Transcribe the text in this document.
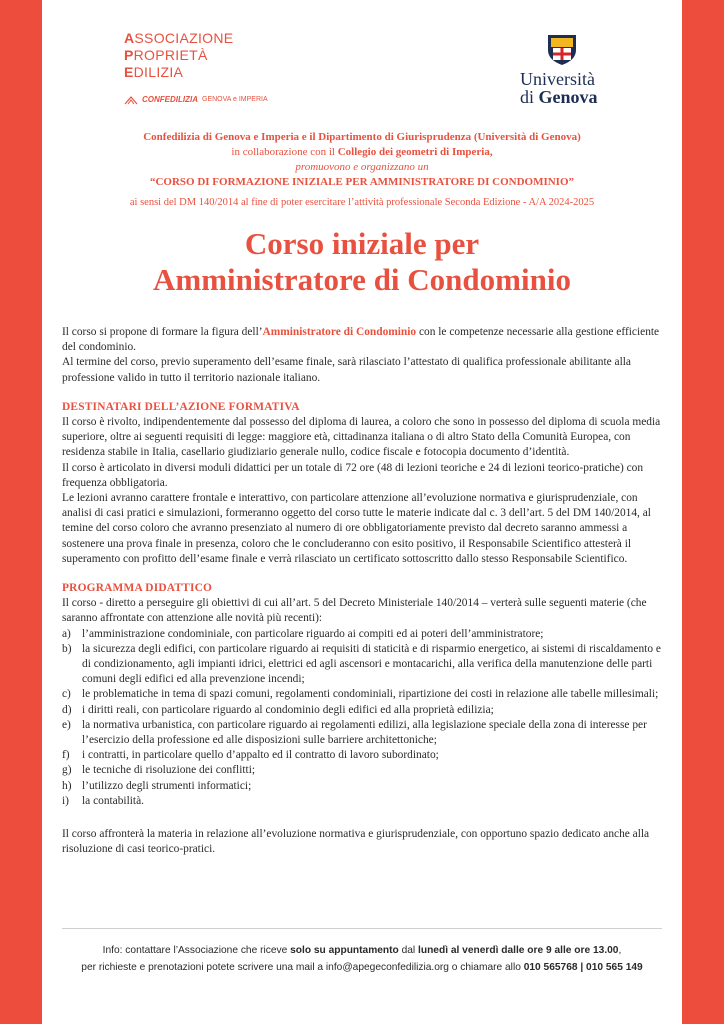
ASSOCIAZIONE
PROPRIETÀ
EDILIZIA
CONFEDILIZIA GENOVA e IMPERIA
Università
di Genova
Confedilizia di Genova e Imperia e il Dipartimento di Giurisprudenza (Università di Genova)
in collaborazione con il Collegio dei geometri di Imperia,
promuovono e organizzano un
“CORSO DI FORMAZIONE INIZIALE PER AMMINISTRATORE DI CONDOMINIO”
ai sensi del DM 140/2014 al fine di poter esercitare l’attività professionale Seconda Edizione - A/A 2024-2025
Corso iniziale per
Amministratore di Condominio

Il corso si propone di formare la figura dell’Amministratore di Condominio con le competenze necessarie alla gestione efficiente del condominio.

Al termine del corso, previo superamento dell’esame finale, sarà rilasciato l’attestato di qualifica professionale abilitante alla professione valido in tutto il territorio nazionale italiano.

DESTINATARI DELL’AZIONE FORMATIVA

Il corso è rivolto, indipendentemente dal possesso del diploma di laurea, a coloro che sono in possesso del diploma di scuola media superiore, oltre ai seguenti requisiti di legge: maggiore età, cittadinanza italiana o di altro Stato della Comunità Europea, con residenza stabile in Italia, casellario giudiziario generale nullo, codice fiscale e fotocopia documento d’identità.

Il corso è articolato in diversi moduli didattici per un totale di 72 ore (48 di lezioni teoriche e 24 di lezioni teorico-pratiche) con frequenza obbligatoria.

Le lezioni avranno carattere frontale e interattivo, con particolare attenzione all’evoluzione normativa e giurisprudenziale, con analisi di casi pratici e simulazioni, formeranno oggetto del corso tutte le materie indicate dal c. 3 dell’art. 5 del DM 140/2014, al temine del corso coloro che avranno presenziato al numero di ore obbligatoriamente previsto dal decreto saranno ammessi a sostenere una prova finale in presenza, coloro che le concluderanno con esito positivo, il Responsabile Scientifico attesterà il superamento con profitto dell’esame finale e verrà rilasciato un certificato sottoscritto dallo stesso Responsabile Scientifico.

PROGRAMMA DIDATTICO

Il corso - diretto a perseguire gli obiettivi di cui all’art. 5 del Decreto Ministeriale 140/2014 – verterà sulle seguenti materie (che saranno affrontate con attenzione alle novità più recenti):

a) l’amministrazione condominiale, con particolare riguardo ai compiti ed ai poteri dell’amministratore;
b) la sicurezza degli edifici, con particolare riguardo ai requisiti di staticità e di risparmio energetico, ai sistemi di riscaldamento e di condizionamento, agli impianti idrici, elettrici ed agli ascensori e montacarichi, alla verifica della manutenzione delle parti comuni degli edifici ed alla prevenzione incendi;
c) le problematiche in tema di spazi comuni, regolamenti condominiali, ripartizione dei costi in relazione alle tabelle millesimali;
d) i diritti reali, con particolare riguardo al condominio degli edifici ed alla proprietà edilizia;
e) la normativa urbanistica, con particolare riguardo ai regolamenti edilizi, alla legislazione speciale della zona di interesse per l’esercizio della professione ed alle disposizioni sulle barriere architettoniche;
f)	i contratti, in particolare quello d’appalto ed il contratto di lavoro subordinato;
g) le tecniche di risoluzione dei conflitti;
h) l’utilizzo degli strumenti informatici;
i)	la contabilità.

Il corso affronterà la materia in relazione all’evoluzione normativa e giurisprudenziale, con opportuno spazio dedicato anche alla risoluzione di casi teorico-pratici.

Info: contattare l’Associazione che riceve solo su appuntamento dal lunedì al venerdì dalle ore 9 alle ore 13.00,
per richieste e prenotazioni potete scrivere una mail a info@apegeconfedilizia.org o chiamare allo 010 565768 | 010 565 149
